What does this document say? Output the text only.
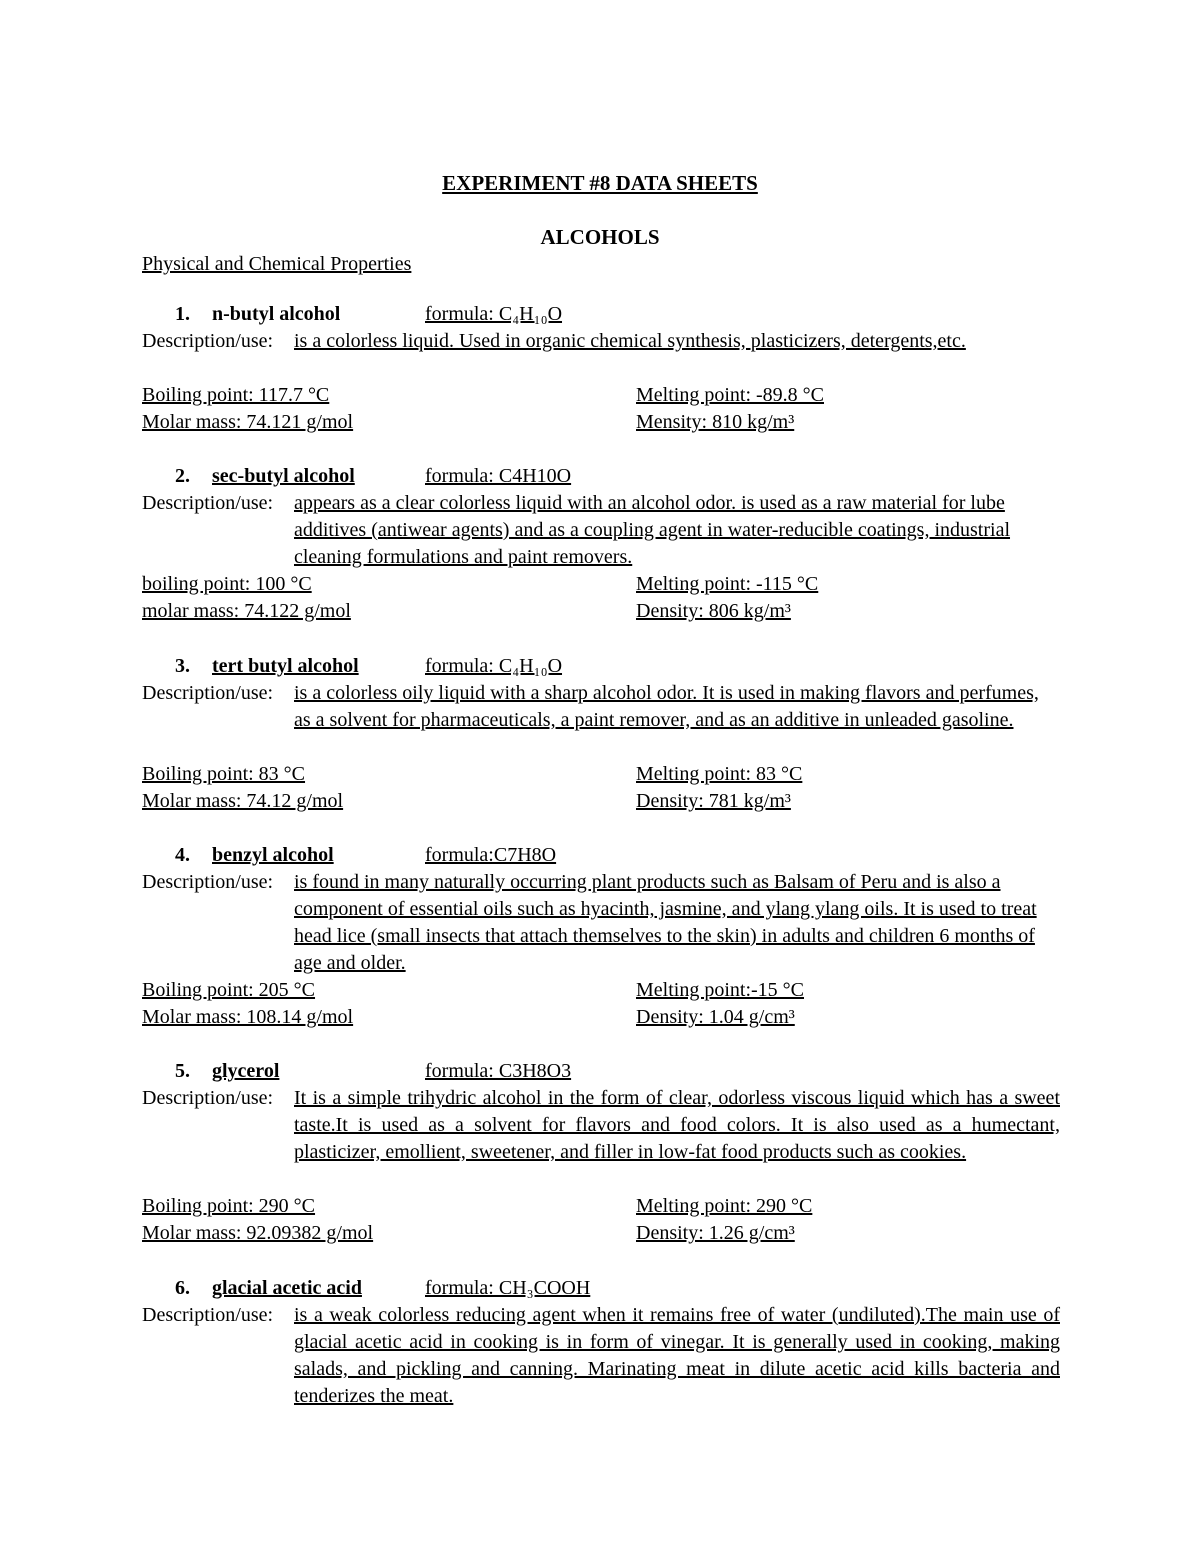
EXPERIMENT #8 DATA SHEETS
ALCOHOLS
Physical and Chemical Properties
1. n-butyl alcohol	formula: C₄H₁₀O
Description/use: is a colorless liquid. Used in organic chemical synthesis, plasticizers, detergents,etc.
Boiling point: 117.7 °C	Melting point: -89.8 °C
Molar mass: 74.121 g/mol	Mensity: 810 kg/m³
2. sec-butyl alcohol	formula: C4H10O
Description/use: appears as a clear colorless liquid with an alcohol odor. is used as a raw material for lube additives (antiwear agents) and as a coupling agent in water-reducible coatings, industrial cleaning formulations and paint removers.
boiling point: 100 °C	Melting point: -115 °C
molar mass: 74.122 g/mol	Density: 806 kg/m³
3. tert butyl alcohol	formula: C₄H₁₀O
Description/use: is a colorless oily liquid with a sharp alcohol odor. It is used in making flavors and perfumes, as a solvent for pharmaceuticals, a paint remover, and as an additive in unleaded gasoline.
Boiling point: 83 °C	Melting point: 83 °C
Molar mass: 74.12 g/mol	Density: 781 kg/m³
4. benzyl alcohol	formula:C7H8O
Description/use: is found in many naturally occurring plant products such as Balsam of Peru and is also a component of essential oils such as hyacinth, jasmine, and ylang ylang oils. It is used to treat head lice (small insects that attach themselves to the skin) in adults and children 6 months of age and older.
Boiling point: 205 °C	Melting point:-15 °C
Molar mass: 108.14 g/mol	Density: 1.04 g/cm³
5. glycerol	formula: C3H8O3
Description/use: It is a simple trihydric alcohol in the form of clear, odorless viscous liquid which has a sweet taste.It is used as a solvent for flavors and food colors. It is also used as a humectant, plasticizer, emollient, sweetener, and filler in low-fat food products such as cookies.
Boiling point: 290 °C	Melting point: 290 °C
Molar mass: 92.09382 g/mol	Density: 1.26 g/cm³
6. glacial acetic acid	formula: CH₃COOH
Description/use: is a weak colorless reducing agent when it remains free of water (undiluted).The main use of glacial acetic acid in cooking is in form of vinegar. It is generally used in cooking, making salads, and pickling and canning. Marinating meat in dilute acetic acid kills bacteria and tenderizes the meat.
